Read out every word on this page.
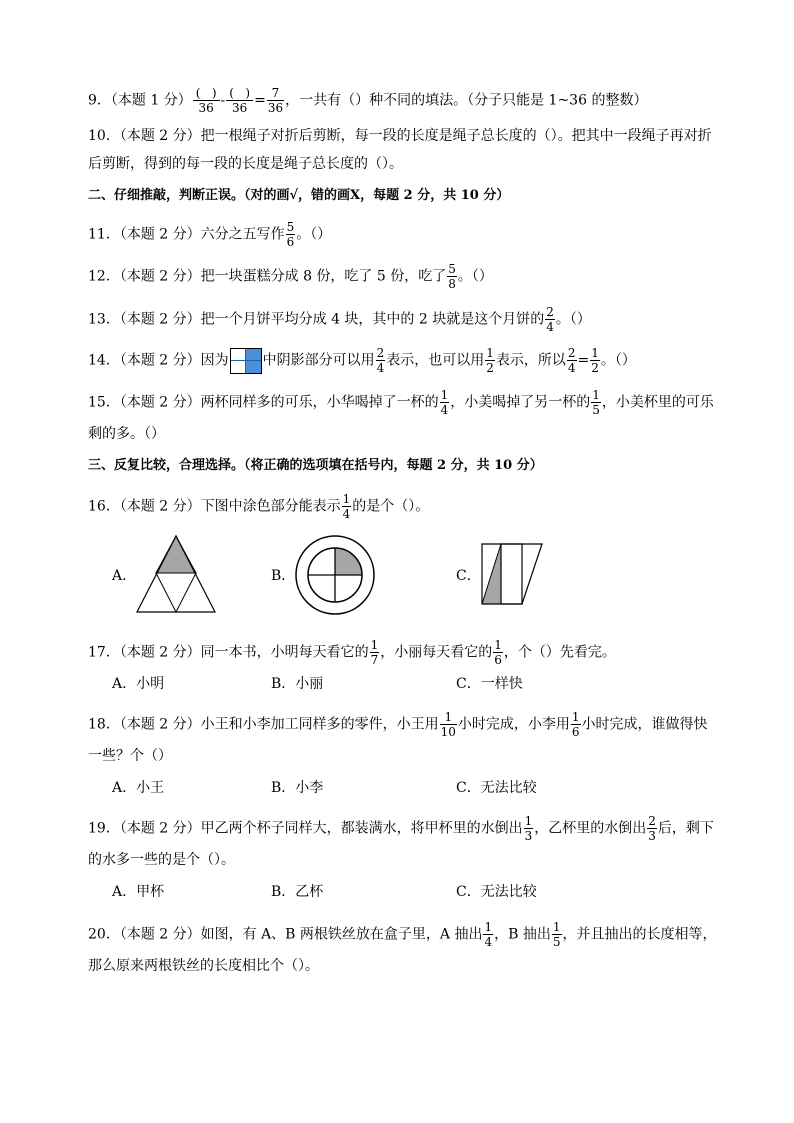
9．（本题 1 分） $\frac{( )}{36} - \frac{( )}{36} = \frac{7}{36}$ ，一共有（）种不同的填法。（分子只能是 1~36 的整数）
10．（本题 2 分）把一根绳子对折后剪断，每一段的长度是绳子总长度的（）。把其中一段绳子再对折
后剪断，得到的每一段的长度是绳子总长度的（）。
二、仔细推敲，判断正误。（对的画√，错的画X，每题 2 分，共 10 分）
11．（本题 2 分）六分之五写作 $\frac{5}{6}$ 。（）
12．（本题 2 分）把一块蛋糕分成 8 份，吃了 5 份，吃了 $\frac{5}{8}$ 。（）
13．（本题 2 分）把一个月饼平均分成 4 块，其中的 2 块就是这个月饼的 $\frac{2}{4}$ 。（）
14．（本题 2 分）因为 中阴影部分可以用 $\frac{2}{4}$ 表示，也可以用 $\frac{1}{2}$ 表示，所以 $\frac{2}{4} = \frac{1}{2}$ 。（）
15．（本题 2 分）两杯同样多的可乐，小华喝掉了一杯的 $\frac{1}{4}$ ，小美喝掉了另一杯的 $\frac{1}{5}$ ，小美杯里的可乐
剩的多。（）
三、反复比较，合理选择。（将正确的选项填在括号内，每题 2 分，共 10 分）
16．（本题 2 分）下图中涂色部分能表示 $\frac{1}{4}$ 的是个（）。
A．	B．	C．
17．（本题 2 分）同一本书，小明每天看它的 $\frac{1}{7}$ ，小丽每天看它的 $\frac{1}{6}$ ，个（）先看完。
A．小明	B．小丽	C．一样快
18．（本题 2 分）小王和小李加工同样多的零件，小王用 $\frac{1}{10}$ 小时完成，小李用 $\frac{1}{6}$ 小时完成，谁做得快
一些？个（）
A．小王	B．小李	C．无法比较
19．（本题 2 分）甲乙两个杯子同样大，都装满水，将甲杯里的水倒出 $\frac{1}{3}$ ，乙杯里的水倒出 $\frac{2}{3}$ 后，剩下
的水多一些的是个（）。
A．甲杯	B．乙杯	C．无法比较
20．（本题 2 分）如图，有 A、B 两根铁丝放在盒子里，A 抽出 $\frac{1}{4}$ ，B 抽出 $\frac{1}{5}$ ，并且抽出的长度相等，
那么原来两根铁丝的长度相比个（）。
